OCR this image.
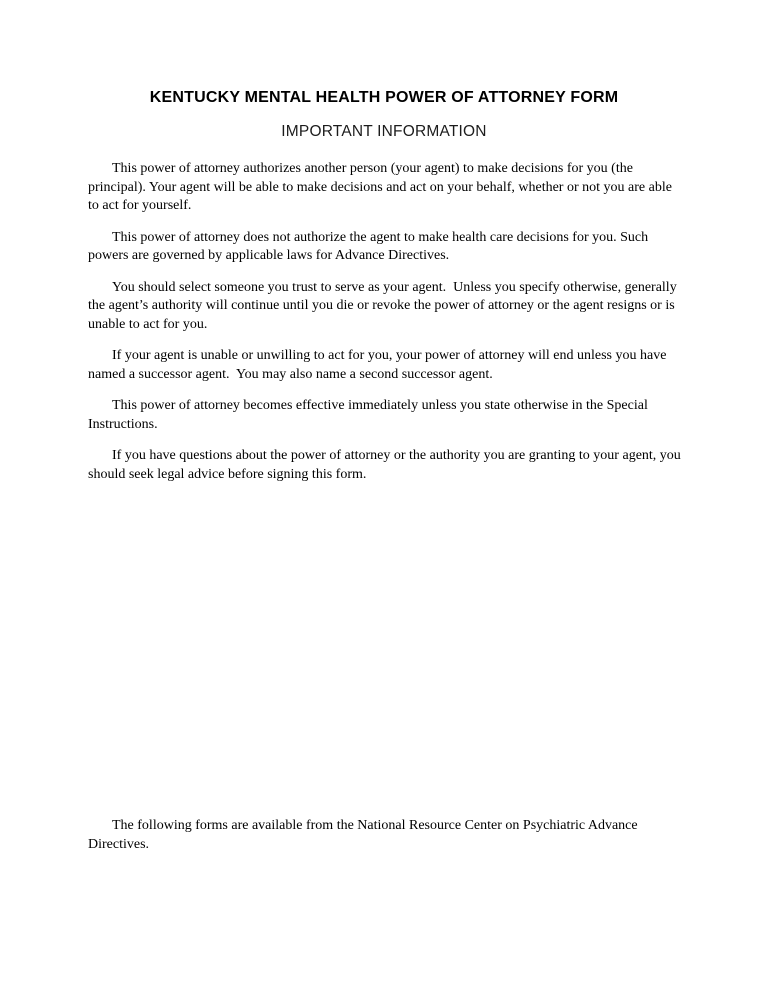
KENTUCKY MENTAL HEALTH POWER OF ATTORNEY FORM
IMPORTANT INFORMATION

This power of attorney authorizes another person (your agent) to make decisions for you (the principal). Your agent will be able to make decisions and act on your behalf, whether or not you are able to act for yourself.

This power of attorney does not authorize the agent to make health care decisions for you. Such powers are governed by applicable laws for Advance Directives.

You should select someone you trust to serve as your agent.  Unless you specify otherwise, generally the agent’s authority will continue until you die or revoke the power of attorney or the agent resigns or is unable to act for you.

If your agent is unable or unwilling to act for you, your power of attorney will end unless you have named a successor agent.  You may also name a second successor agent.

This power of attorney becomes effective immediately unless you state otherwise in the Special Instructions.

If you have questions about the power of attorney or the authority you are granting to your agent, you should seek legal advice before signing this form.

The following forms are available from the National Resource Center on Psychiatric Advance Directives.
